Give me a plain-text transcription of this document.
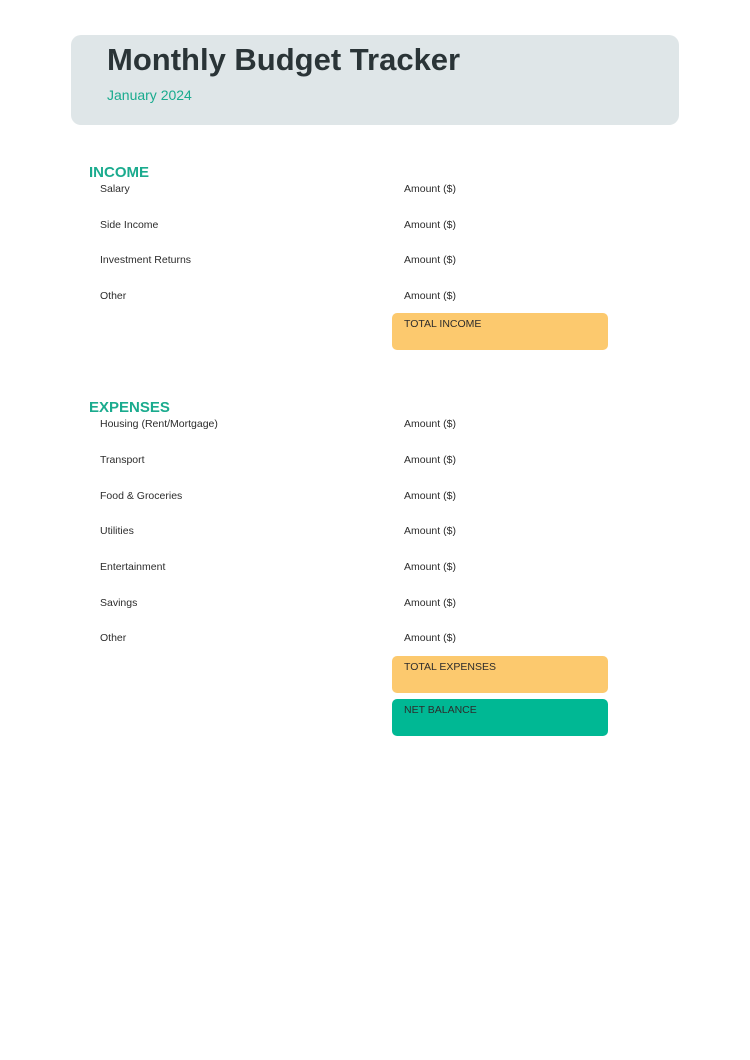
Monthly Budget Tracker
January 2024
INCOME
Salary	Amount ($)
Side Income	Amount ($)
Investment Returns	Amount ($)
Other	Amount ($)
TOTAL INCOME
EXPENSES
Housing (Rent/Mortgage)	Amount ($)
Transport	Amount ($)
Food & Groceries	Amount ($)
Utilities	Amount ($)
Entertainment	Amount ($)
Savings	Amount ($)
Other	Amount ($)
TOTAL EXPENSES
NET BALANCE
